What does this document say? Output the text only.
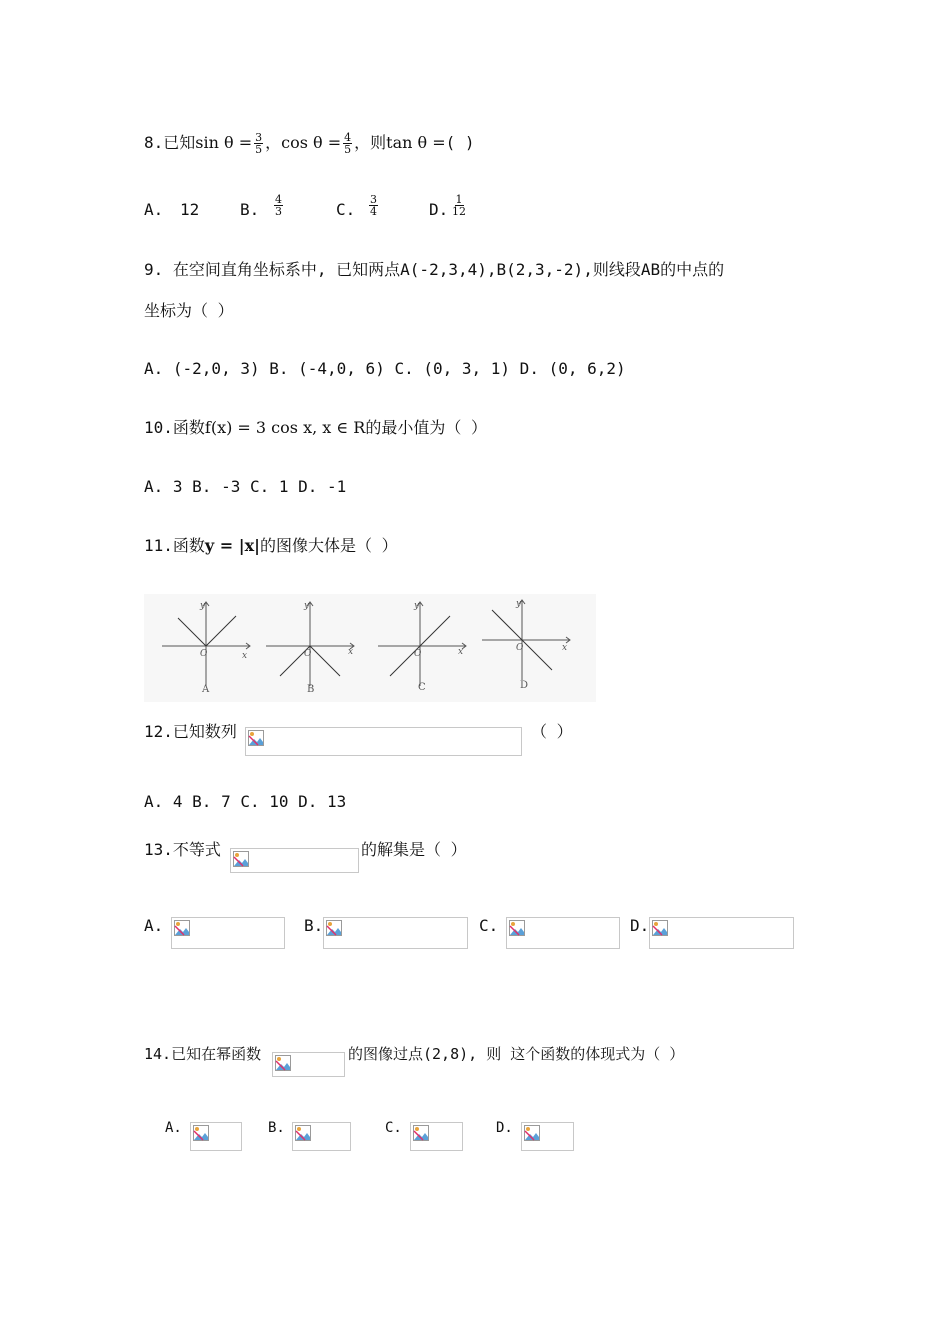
8.已知$\sin \theta = \frac{3}{5}$ ，$\cos \theta = \frac{4}{5}$ ，则tan θ =( )
A. 12	B. $\frac{4}{3}$	C. $\frac{3}{4}$	D. $\frac{1}{12}$
9. 在空间直角坐标系中, 已知两点A(-2,3,4),B(2,3,-2),则线段AB的中点的
坐标为（ ）
A. (-2,0, 3) B. (-4,0, 6) C. (0, 3, 1) D. (0, 6,2)
10.函数f(x) = 3 cos x, x ∈ R的最小值为（ ）
A. 3 B. -3 C. 1 D. -1
11.函数y = |x|的图像大体是（ ）
y
x
O
y
x
O
y
x
O
y
x
O
A	B	C	D
12.已知数列	（ ）
A. 4 B. 7 C. 10 D. 13
13.不等式	的解集是（ ）
A.	B.	C.	D.
14.已知在幂函数	的图像过点(2,8), 则 这个函数的体现式为（ ）
A.	B.	C.	D.
